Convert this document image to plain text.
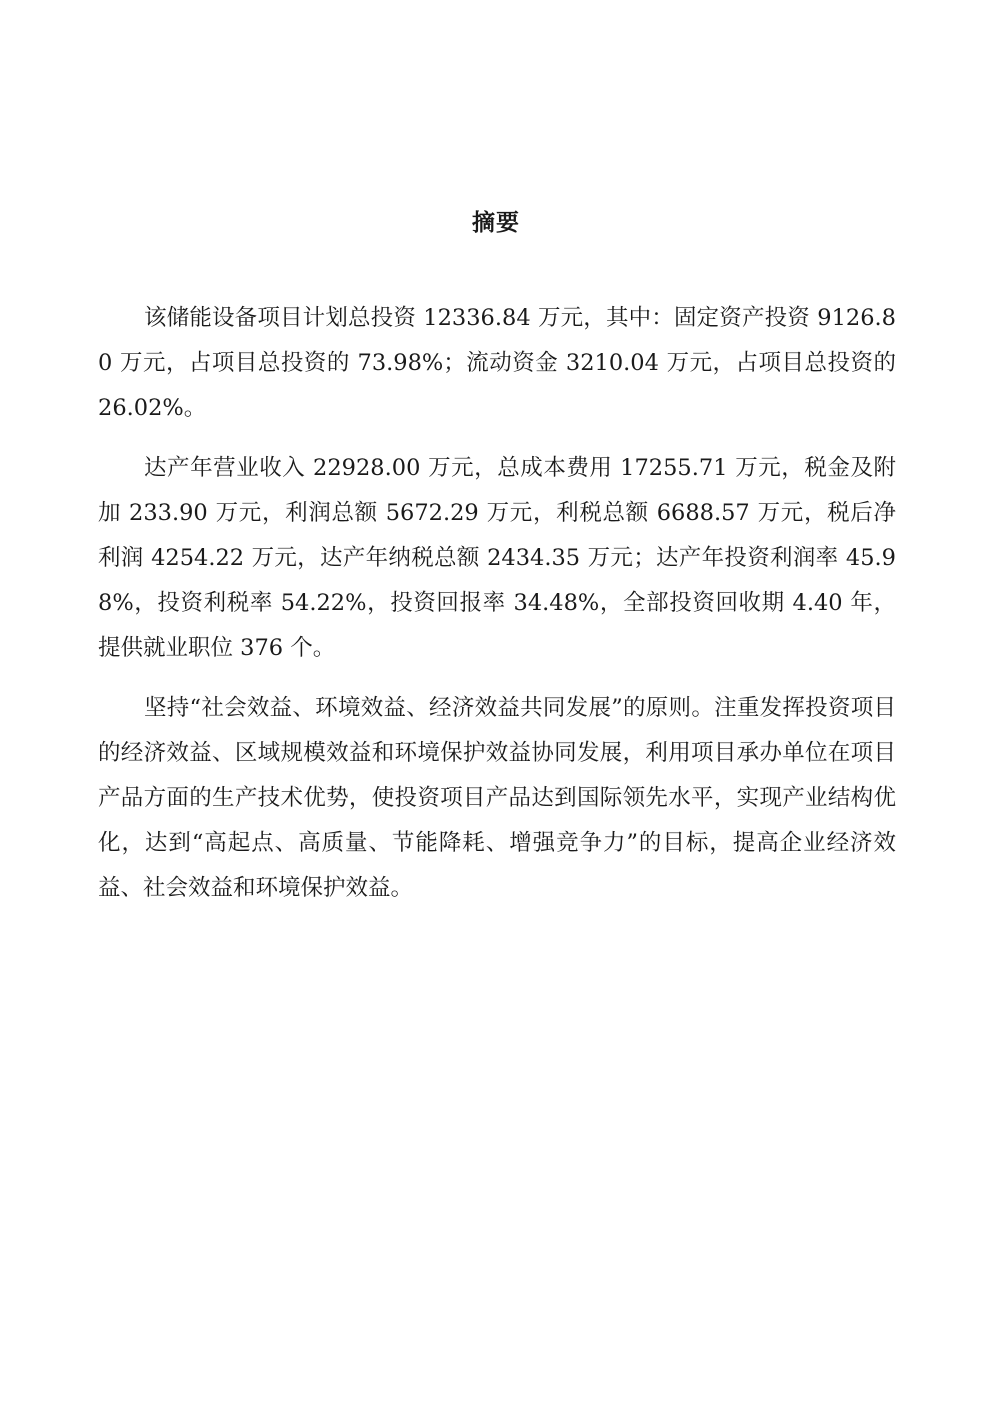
摘要

该储能设备项目计划总投资 12336.84 万元，其中：固定资产投资 9126.80 万元，占项目总投资的 73.98%；流动资金 3210.04 万元，占项目总投资的 26.02%。

达产年营业收入 22928.00 万元，总成本费用 17255.71 万元，税金及附加 233.90 万元，利润总额 5672.29 万元，利税总额 6688.57 万元，税后净利润 4254.22 万元，达产年纳税总额 2434.35 万元；达产年投资利润率 45.98%，投资利税率 54.22%，投资回报率 34.48%，全部投资回收期 4.40 年，提供就业职位 376 个。

坚持“社会效益、环境效益、经济效益共同发展”的原则。注重发挥投资项目的经济效益、区域规模效益和环境保护效益协同发展，利用项目承办单位在项目产品方面的生产技术优势，使投资项目产品达到国际领先水平，实现产业结构优化，达到“高起点、高质量、节能降耗、增强竞争力”的目标，提高企业经济效益、社会效益和环境保护效益。
